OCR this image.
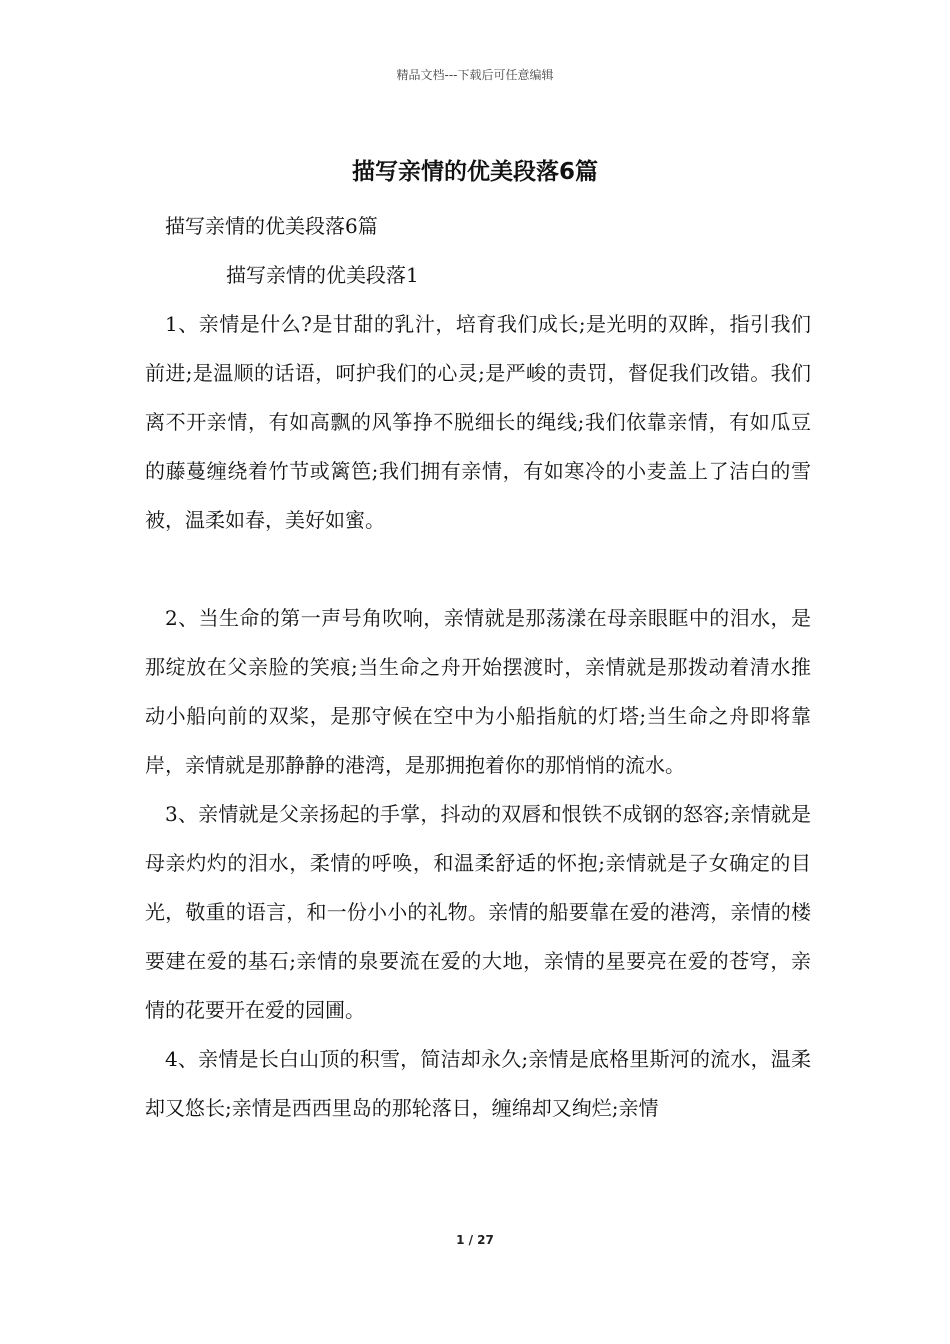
精品文档---下载后可任意编辑
描写亲情的优美段落6篇
描写亲情的优美段落6篇
描写亲情的优美段落1

1、亲情是什么?是甘甜的乳汁，培育我们成长;是光明的双眸，指引我们前进;是温顺的话语，呵护我们的心灵;是严峻的责罚，督促我们改错。我们离不开亲情，有如高飘的风筝挣不脱细长的绳线;我们依靠亲情，有如瓜豆的藤蔓缠绕着竹节或篱笆;我们拥有亲情，有如寒冷的小麦盖上了洁白的雪被，温柔如春，美好如蜜。

2、当生命的第一声号角吹响，亲情就是那荡漾在母亲眼眶中的泪水，是那绽放在父亲脸的笑痕;当生命之舟开始摆渡时，亲情就是那拨动着清水推动小船向前的双桨，是那守候在空中为小船指航的灯塔;当生命之舟即将靠岸，亲情就是那静静的港湾，是那拥抱着你的那悄悄的流水。

3、亲情就是父亲扬起的手掌，抖动的双唇和恨铁不成钢的怒容;亲情就是母亲灼灼的泪水，柔情的呼唤，和温柔舒适的怀抱;亲情就是子女确定的目光，敬重的语言，和一份小小的礼物。亲情的船要靠在爱的港湾，亲情的楼要建在爱的基石;亲情的泉要流在爱的大地，亲情的星要亮在爱的苍穹，亲情的花要开在爱的园圃。

4、亲情是长白山顶的积雪，简洁却永久;亲情是底格里斯河的流水，温柔却又悠长;亲情是西西里岛的那轮落日，缠绵却又绚烂;亲情

1 / 27
